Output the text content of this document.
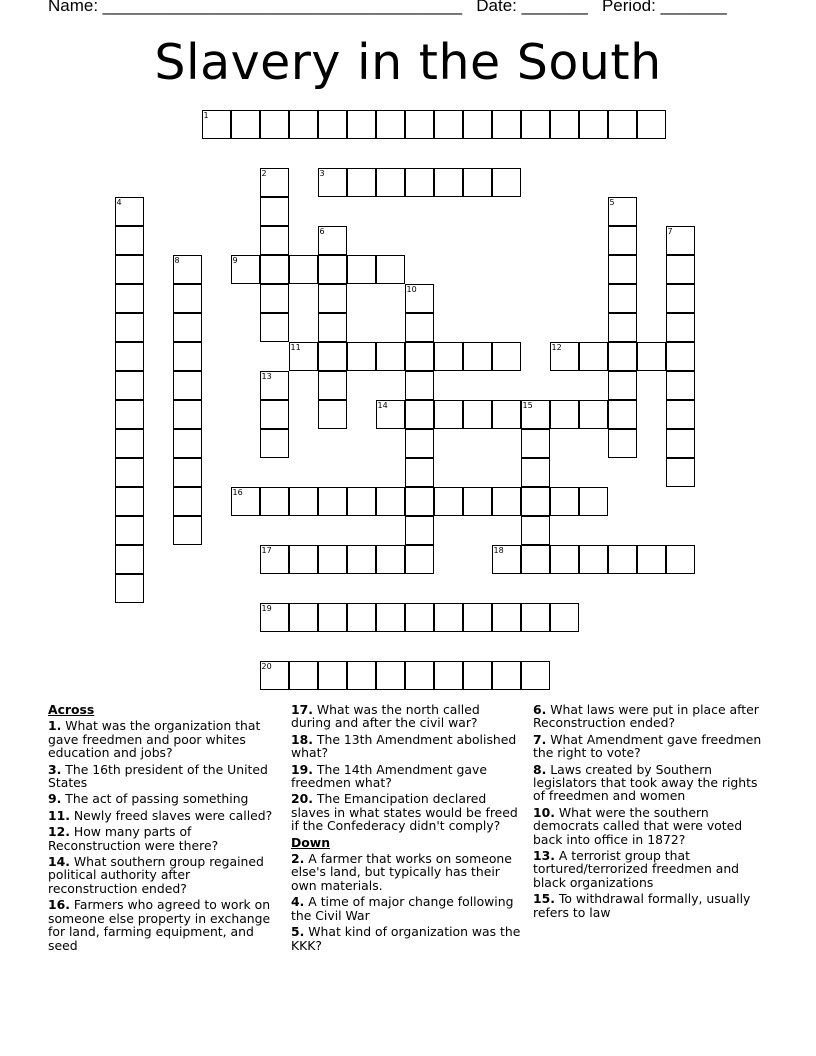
Name: ______________________________________ Date: _______ Period: _______
Slavery in the South
1
2	3
4	5
6	7
9
8
10
11	12
13
14	15
16
17	18
19
20
Across
1. What was the organization that gave freedmen and poor whites education and jobs?
3. The 16th president of the United States
9. The act of passing something
11. Newly freed slaves were called?
12. How many parts of Reconstruction were there?
14. What southern group regained political authority after reconstruction ended?
16. Farmers who agreed to work on someone else property in exchange for land, farming equipment, and seed
17. What was the north called during and after the civil war?
18. The 13th Amendment abolished what?
19. The 14th Amendment gave freedmen what?
20. The Emancipation declared slaves in what states would be freed if the Confederacy didn't comply?
Down
2. A farmer that works on someone else's land, but typically has their own materials.
4. A time of major change following the Civil War
5. What kind of organization was the KKK?
6. What laws were put in place after Reconstruction ended?
7. What Amendment gave freedmen the right to vote?
8. Laws created by Southern legislators that took away the rights of freedmen and women
10. What were the southern democrats called that were voted back into office in 1872?
13. A terrorist group that tortured/terrorized freedmen and black organizations
15. To withdrawal formally, usually refers to law
